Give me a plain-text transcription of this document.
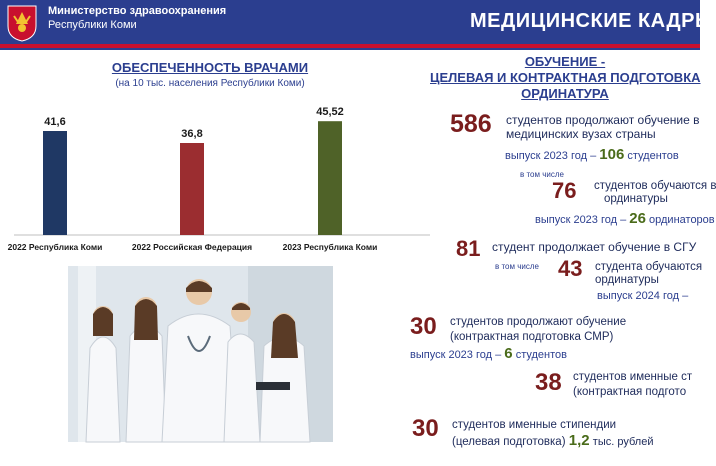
Министерство здравоохранения
Республики Коми	МЕДИЦИНСКИЕ КАДРЫ
ОБЕСПЕЧЕННОСТЬ ВРАЧАМИ
(на 10 тыс. населения Республики Коми)
41,6
2022 Республика Коми
36,8
2022 Российская Федерация
45,52
2023 Республика Коми
ОБУЧЕНИЕ -
ЦЕЛЕВАЯ И КОНТРАКТНАЯ ПОДГОТОВКА
ОРДИНАТУРА
586 студентов продолжают обучение в
медицинских вузах страны
выпуск 2023 год – 106 студентов
в том числе
76 студентов обучаются в
ординатуры
выпуск 2023 год – 26 ординаторов
81 студент продолжает обучение в СГУ
в том числе 43 студента обучаются
ординатуры
выпуск 2024 год –
30 студентов продолжают обучение
(контрактная подготовка СМР)
выпуск 2023 год – 6 студентов
38 студентов именные ст
(контрактная подгото
30 студентов именные стипендии
(целевая подготовка) 1,2 тыс. рублей
